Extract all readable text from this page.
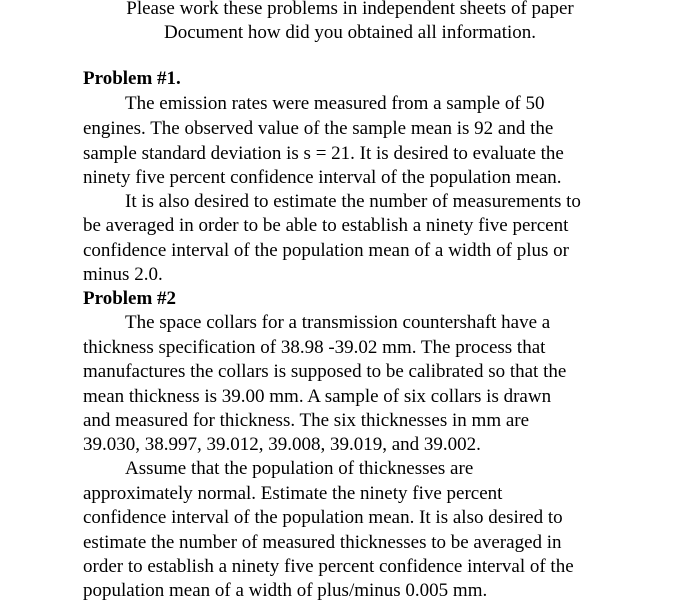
Please work these problems in independent sheets of paper
Document how did you obtained all information.
Problem #1.
The emission rates were measured from a sample of 50
engines. The observed value of the sample mean is 92 and the
sample standard deviation is s = 21. It is desired to evaluate the
ninety five percent confidence interval of the population mean.
It is also desired to estimate the number of measurements to
be averaged in order to be able to establish a ninety five percent
confidence interval of the population mean of a width of plus or
minus 2.0.
Problem #2
The space collars for a transmission countershaft have a
thickness specification of 38.98 -39.02 mm. The process that
manufactures the collars is supposed to be calibrated so that the
mean thickness is 39.00 mm. A sample of six collars is drawn
and measured for thickness. The six thicknesses in mm are
39.030, 38.997, 39.012, 39.008, 39.019, and 39.002.
Assume that the population of thicknesses are
approximately normal. Estimate the ninety five percent
confidence interval of the population mean. It is also desired to
estimate the number of measured thicknesses to be averaged in
order to establish a ninety five percent confidence interval of the
population mean of a width of plus/minus 0.005 mm.
